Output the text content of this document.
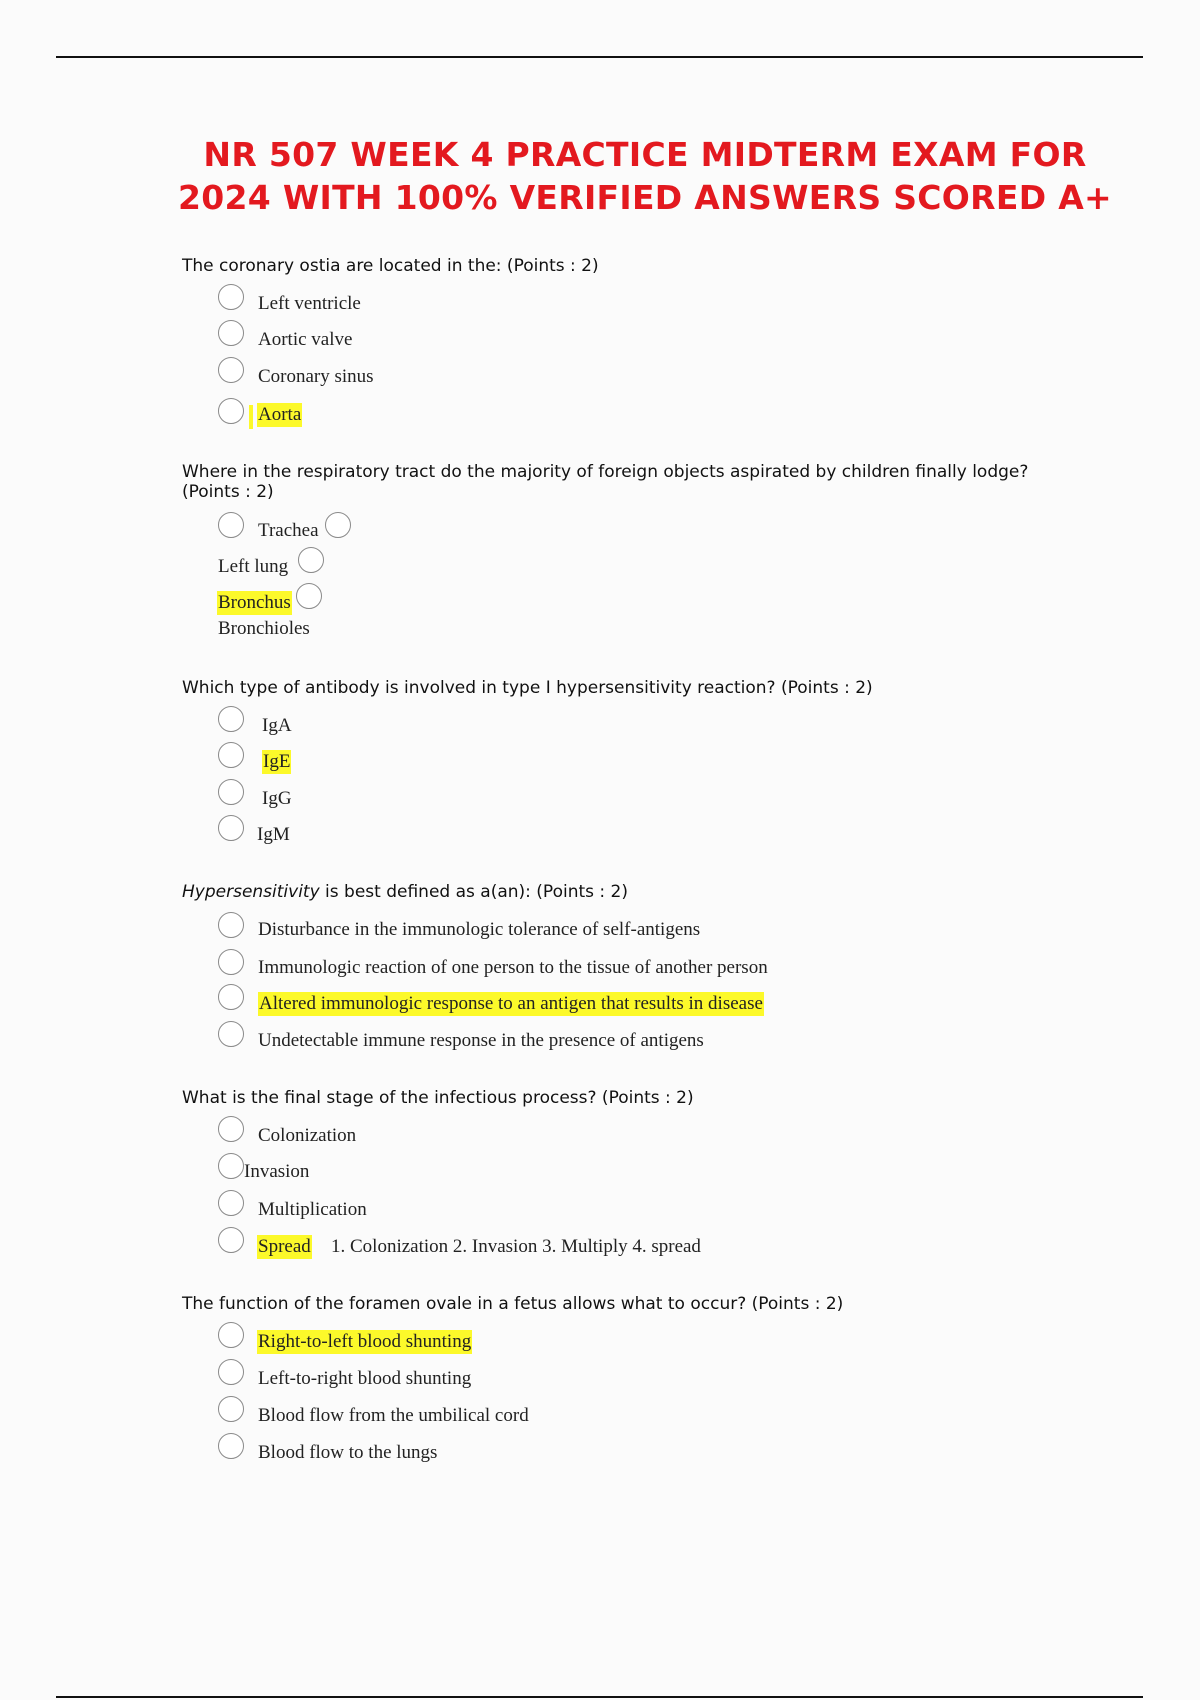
NR 507 WEEK 4 PRACTICE MIDTERM EXAM FOR
2024 WITH 100% VERIFIED ANSWERS SCORED A+
The coronary ostia are located in the: (Points : 2)
Left ventricle
Aortic valve
Coronary sinus
Aorta
Where in the respiratory tract do the majority of foreign objects aspirated by children finally lodge? (Points : 2)
Trachea
Left lung
Bronchus
Bronchioles
Which type of antibody is involved in type I hypersensitivity reaction? (Points : 2)
IgA
IgE
IgG
IgM
Hypersensitivity is best defined as a(an): (Points : 2)
Disturbance in the immunologic tolerance of self-antigens
Immunologic reaction of one person to the tissue of another person
Altered immunologic response to an antigen that results in disease
Undetectable immune response in the presence of antigens
What is the final stage of the infectious process? (Points : 2)
Colonization
Invasion
Multiplication
Spread 1. Colonization 2. Invasion 3. Multiply 4. spread
The function of the foramen ovale in a fetus allows what to occur? (Points : 2)
Right-to-left blood shunting
Left-to-right blood shunting
Blood flow from the umbilical cord
Blood flow to the lungs
